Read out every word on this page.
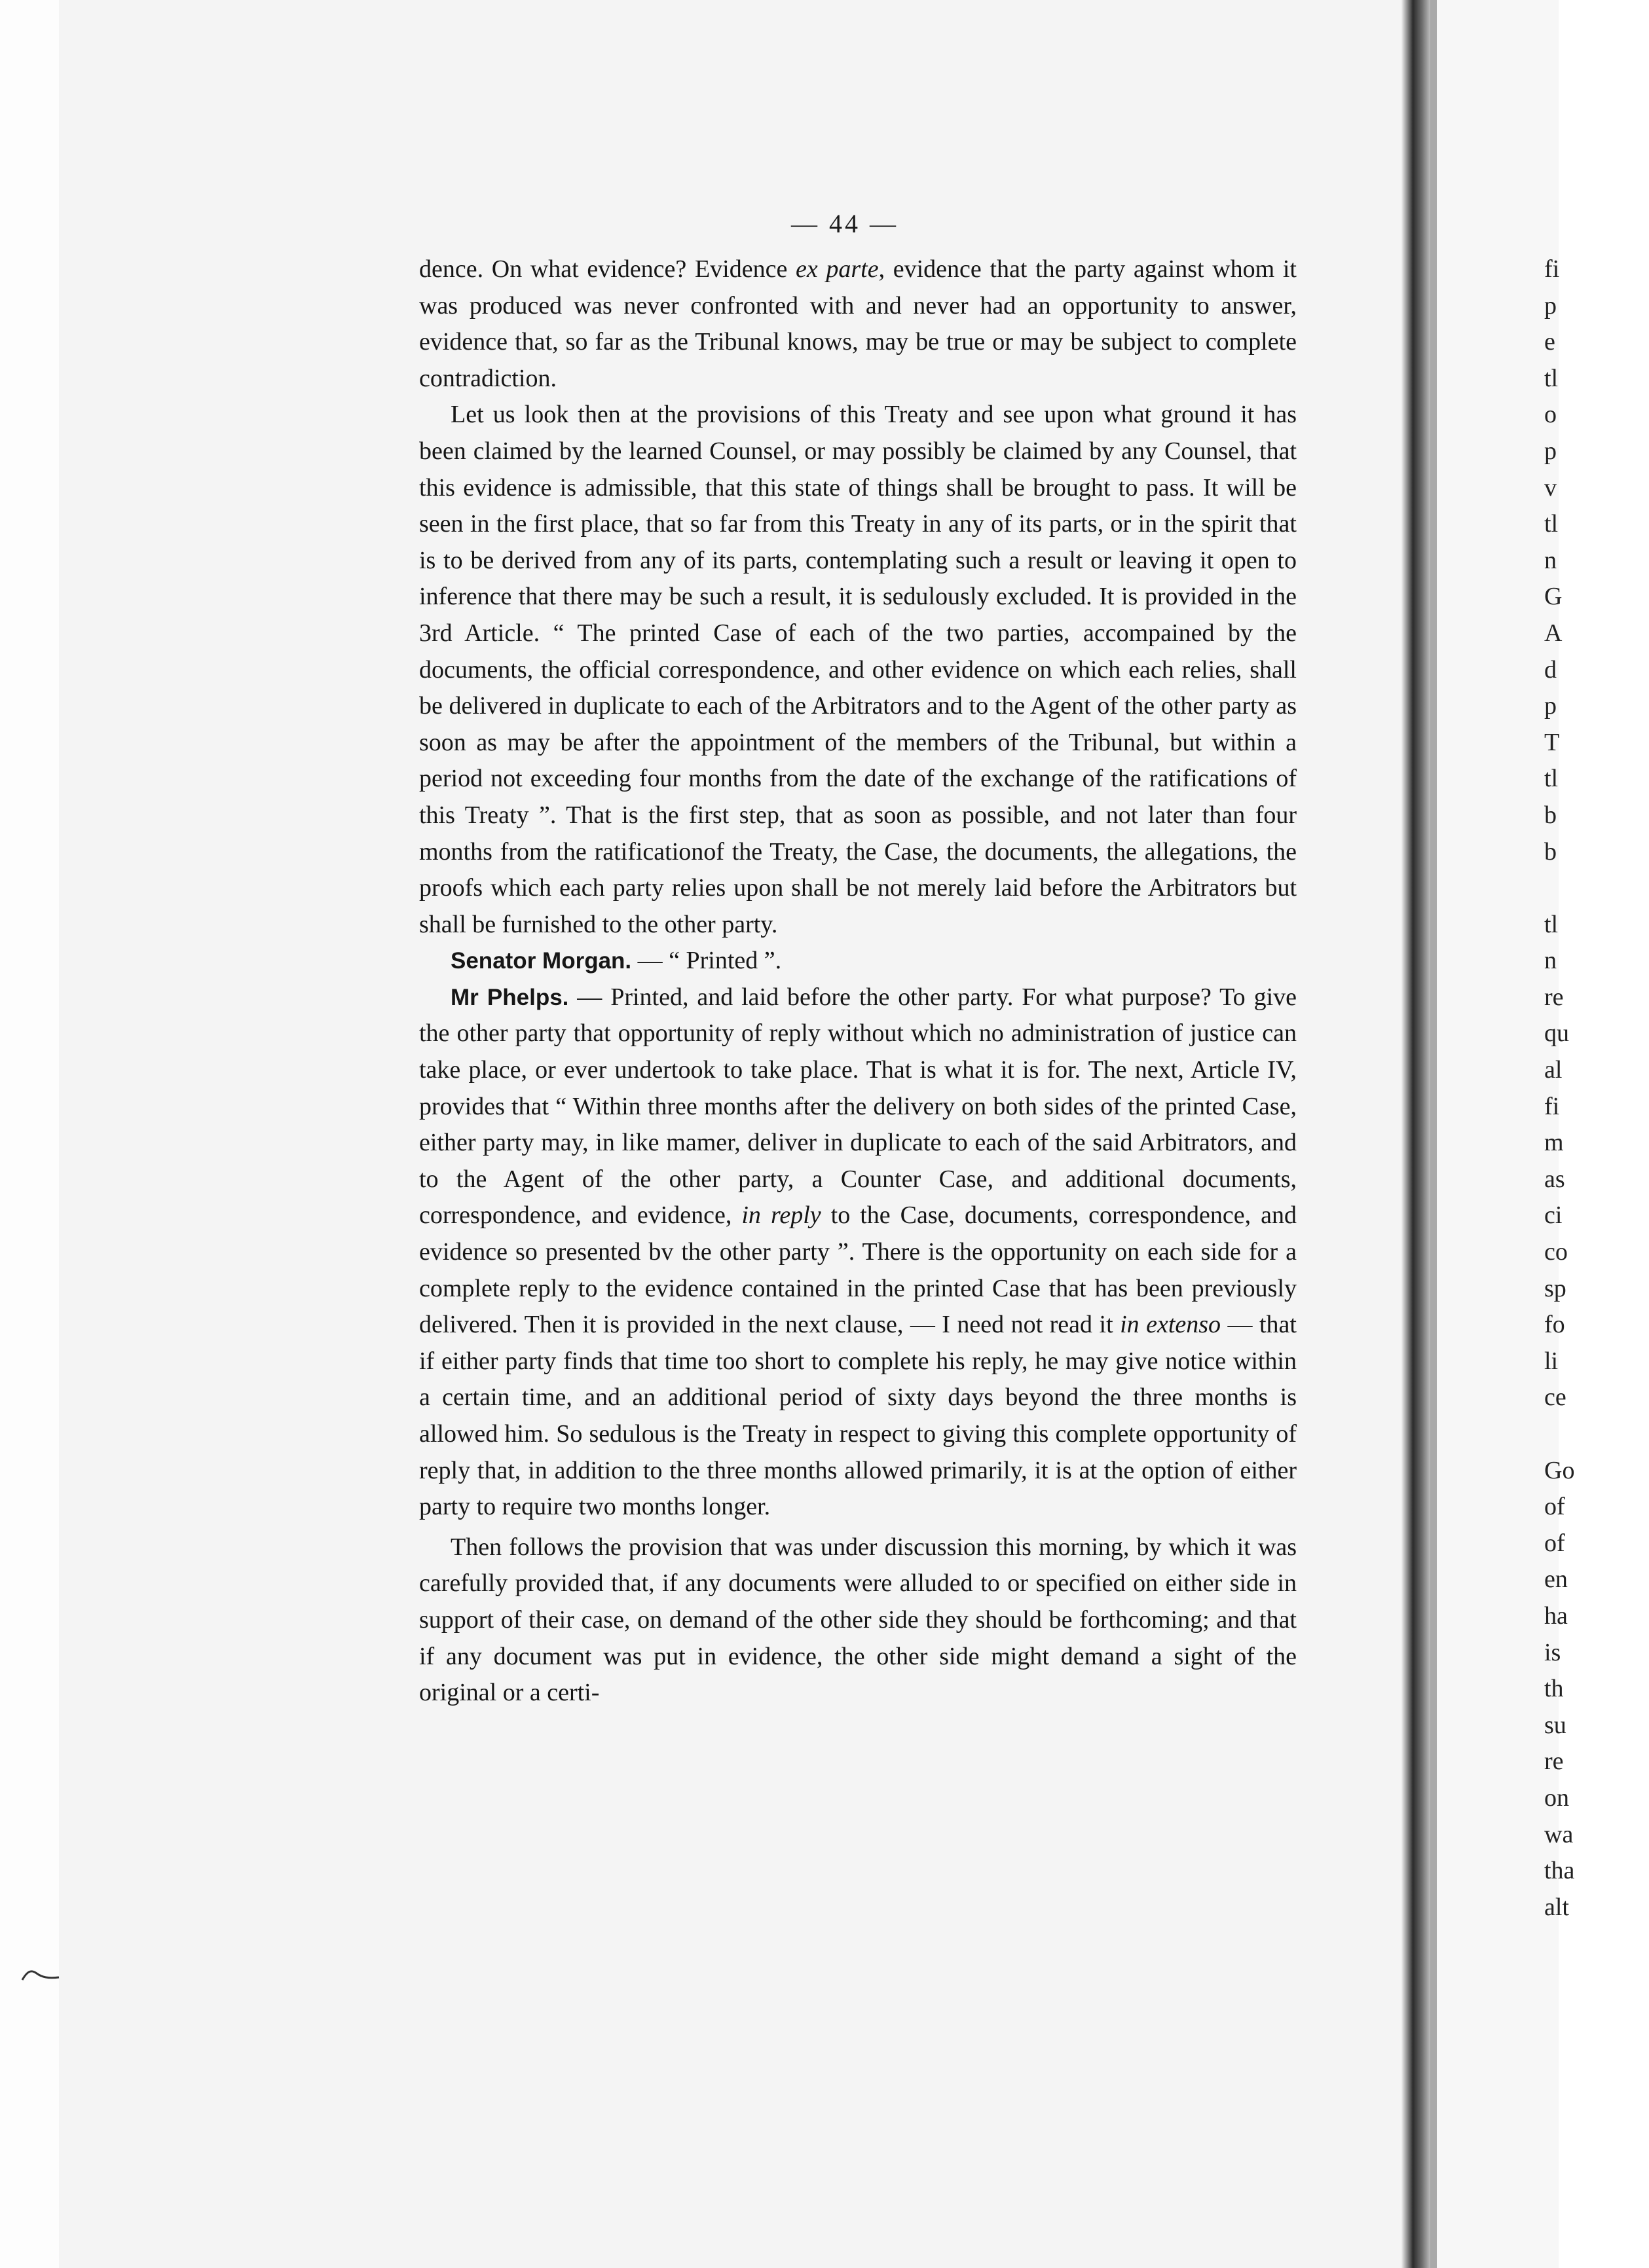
— 44 —

dence. On what evidence? Evidence ex parte, evidence that the party against whom it was produced was never confronted with and never had an opportunity to answer, evidence that, so far as the Tribunal knows, may be true or may be subject to complete contradiction.

Let us look then at the provisions of this Treaty and see upon what ground it has been claimed by the learned Counsel, or may possibly be claimed by any Counsel, that this evidence is admissible, that this state of things shall be brought to pass. It will be seen in the first place, that so far from this Treaty in any of its parts, or in the spirit that is to be derived from any of its parts, contemplating such a result or leaving it open to inference that there may be such a result, it is sedulously excluded. It is provided in the 3rd Article. “ The printed Case of each of the two parties, accompained by the documents, the official correspondence, and other evidence on which each relies, shall be delivered in duplicate to each of the Arbitrators and to the Agent of the other party as soon as may be after the appointment of the members of the Tribunal, but within a period not exceeding four months from the date of the exchange of the ratifications of this Treaty ”. That is the first step, that as soon as possible, and not later than four months from the ratificationof the Treaty, the Case, the documents, the allegations, the proofs which each party relies upon shall be not merely laid before the Arbitrators but shall be furnished to the other party.

Senator Morgan. — “ Printed ”.

Mr Phelps. — Printed, and laid before the other party. For what purpose? To give the other party that opportunity of reply without which no administration of justice can take place, or ever undertook to take place. That is what it is for. The next, Article IV, provides that “ Within three months after the delivery on both sides of the printed Case, either party may, in like mamer, deliver in duplicate to each of the said Arbitrators, and to the Agent of the other party, a Counter Case, and additional documents, correspondence, and evidence, in reply to the Case, documents, correspondence, and evidence so presented bv the other party ”. There is the opportunity on each side for a complete reply to the evidence contained in the printed Case that has been previously delivered. Then it is provided in the next clause, — I need not read it in extenso — that if either party finds that time too short to complete his reply, he may give notice within a certain time, and an additional period of sixty days beyond the three months is allowed him. So sedulous is the Treaty in respect to giving this complete opportunity of reply that, in addition to the three months allowed primarily, it is at the option of either party to require two months longer.

Then follows the provision that was under discussion this morning, by which it was carefully provided that, if any documents were alluded to or specified on either side in support of their case, on demand of the other side they should be forthcoming; and that if any document was put in evidence, the other side might demand a sight of the original or a certi-

fi
p
e
tl
o
p
v
tl
n
G
A
d
p
T
tl
b
b
tl
n
re
qu
al
fi
m
as
ci
co
sp
fo
li
ce
Go
of
of
en
ha
is
th
su
re
on
wa
tha
alt
